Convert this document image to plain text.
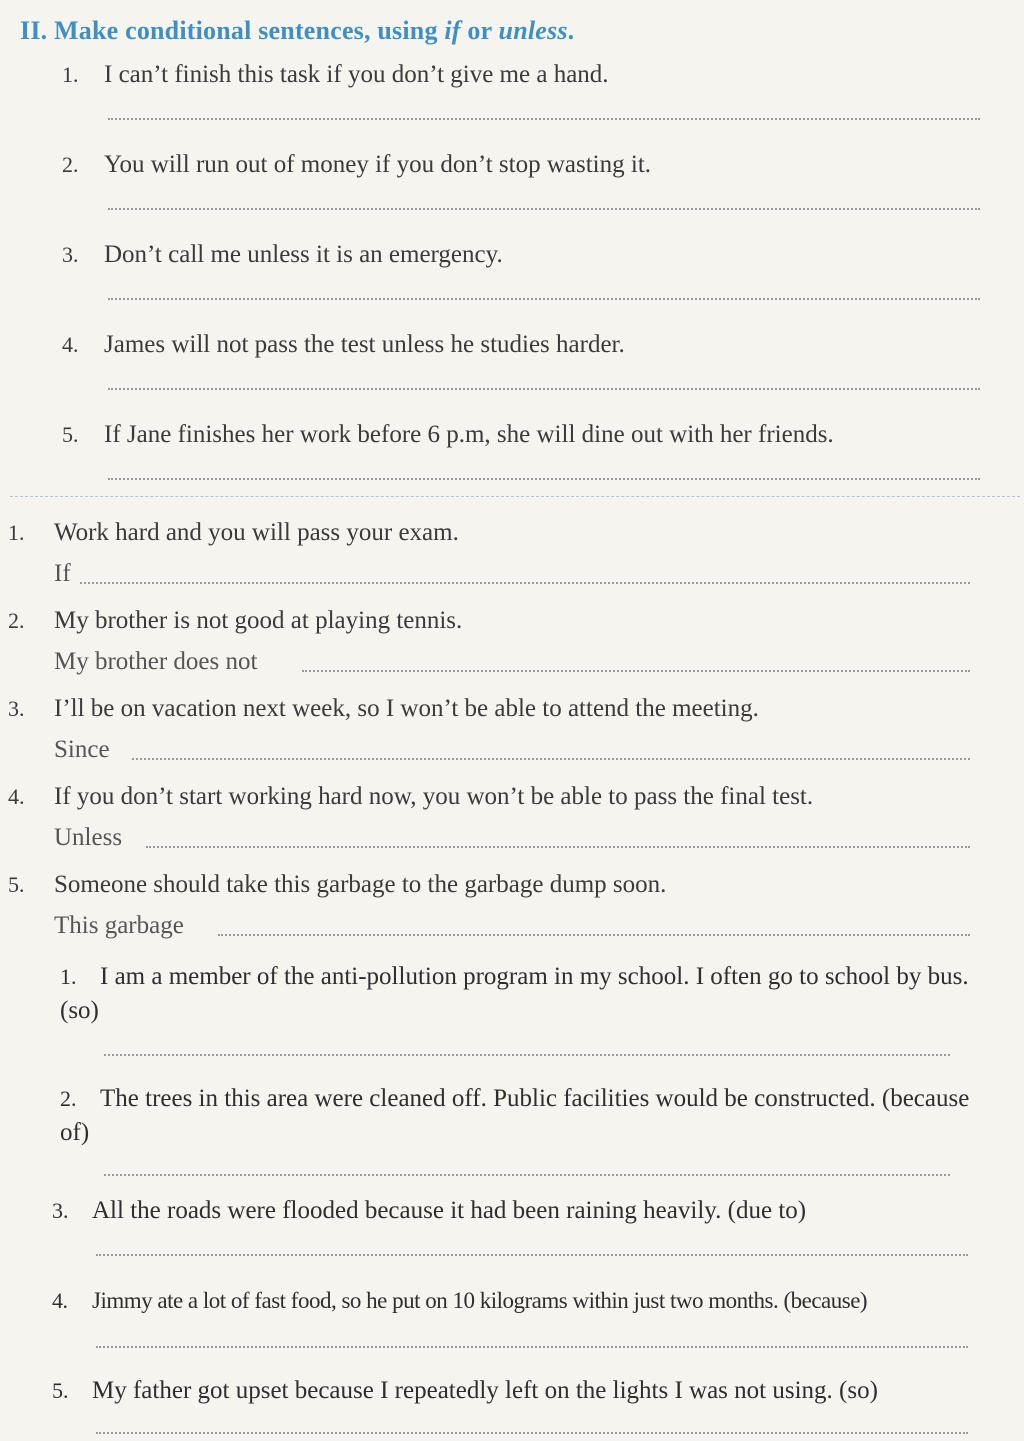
II. Make conditional sentences, using if or unless.
1. I can’t finish this task if you don’t give me a hand.
2. You will run out of money if you don’t stop wasting it.
3. Don’t call me unless it is an emergency.
4. James will not pass the test unless he studies harder.
5. If Jane finishes her work before 6 p.m, she will dine out with her friends.
1. Work hard and you will pass your exam.
If
2. My brother is not good at playing tennis.
My brother does not
3. I’ll be on vacation next week, so I won’t be able to attend the meeting.
Since
4. If you don’t start working hard now, you won’t be able to pass the final test.
Unless
5. Someone should take this garbage to the garbage dump soon.
This garbage
1. I am a member of the anti-pollution program in my school. I often go to school by bus. (so)
2. The trees in this area were cleaned off. Public facilities would be constructed. (because of)
3. All the roads were flooded because it had been raining heavily. (due to)
4. Jimmy ate a lot of fast food, so he put on 10 kilograms within just two months. (because)
5. My father got upset because I repeatedly left on the lights I was not using. (so)
